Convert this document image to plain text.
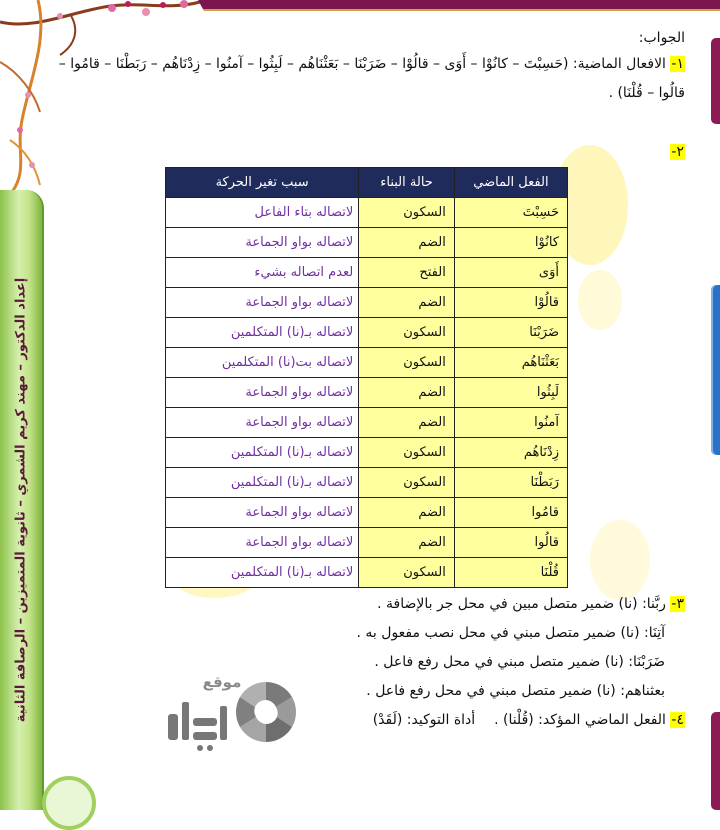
إعداد الدكتور – مهند كريم الشمري – ثانوية المتميزين – الرصافة الثانية
الجواب:
١- الافعال الماضية: (حَسِبْتَ – كانُوْا – أَوَى – قالُوْا – ضَرَبْنَا – بَعَثْنَاهُم – لَبِثُوا – آمنُوا – زِدْنَاهُم – رَبَطْنَا – قامُوا – قالُوا – قُلْنَا) .
٢-
الفعل الماضي	حالة البناء	سبب تغير الحركة
حَسِبْتَ	السكون	لاتصاله بتاء الفاعل
كانُوْا	الضم	لاتصاله بواو الجماعة
أَوَى	الفتح	لعدم اتصاله بشيء
قالُوْا	الضم	لاتصاله بواو الجماعة
ضَرَبْنَا	السكون	لاتصاله بـ(نا) المتكلمين
بَعَثْنَاهُم	السكون	لاتصاله بت(نا) المتكلمين
لَبِثُوا	الضم	لاتصاله بواو الجماعة
آمنُوا	الضم	لاتصاله بواو الجماعة
زِدْنَاهُم	السكون	لاتصاله بـ(نا) المتكلمين
رَبَطْنَا	السكون	لاتصاله بـ(نا) المتكلمين
قامُوا	الضم	لاتصاله بواو الجماعة
قالُوا	الضم	لاتصاله بواو الجماعة
قُلْنَا	السكون	لاتصاله بـ(نا) المتكلمين
٣- ربَّنا: (نا) ضمير متصل مبين في محل جر بالإضافة .
آتِنَا: (نا) ضمير متصل مبني في محل نصب مفعول به .
ضَرَبْنَا: (نا) ضمير متصل مبني في محل رفع فاعل .
بعثناهم: (نا) ضمير متصل مبني في محل رفع فاعل .
٤- الفعل الماضي المؤكد: (قُلْنا) .  أداة التوكيد: (لَقَدْ)
موقع
